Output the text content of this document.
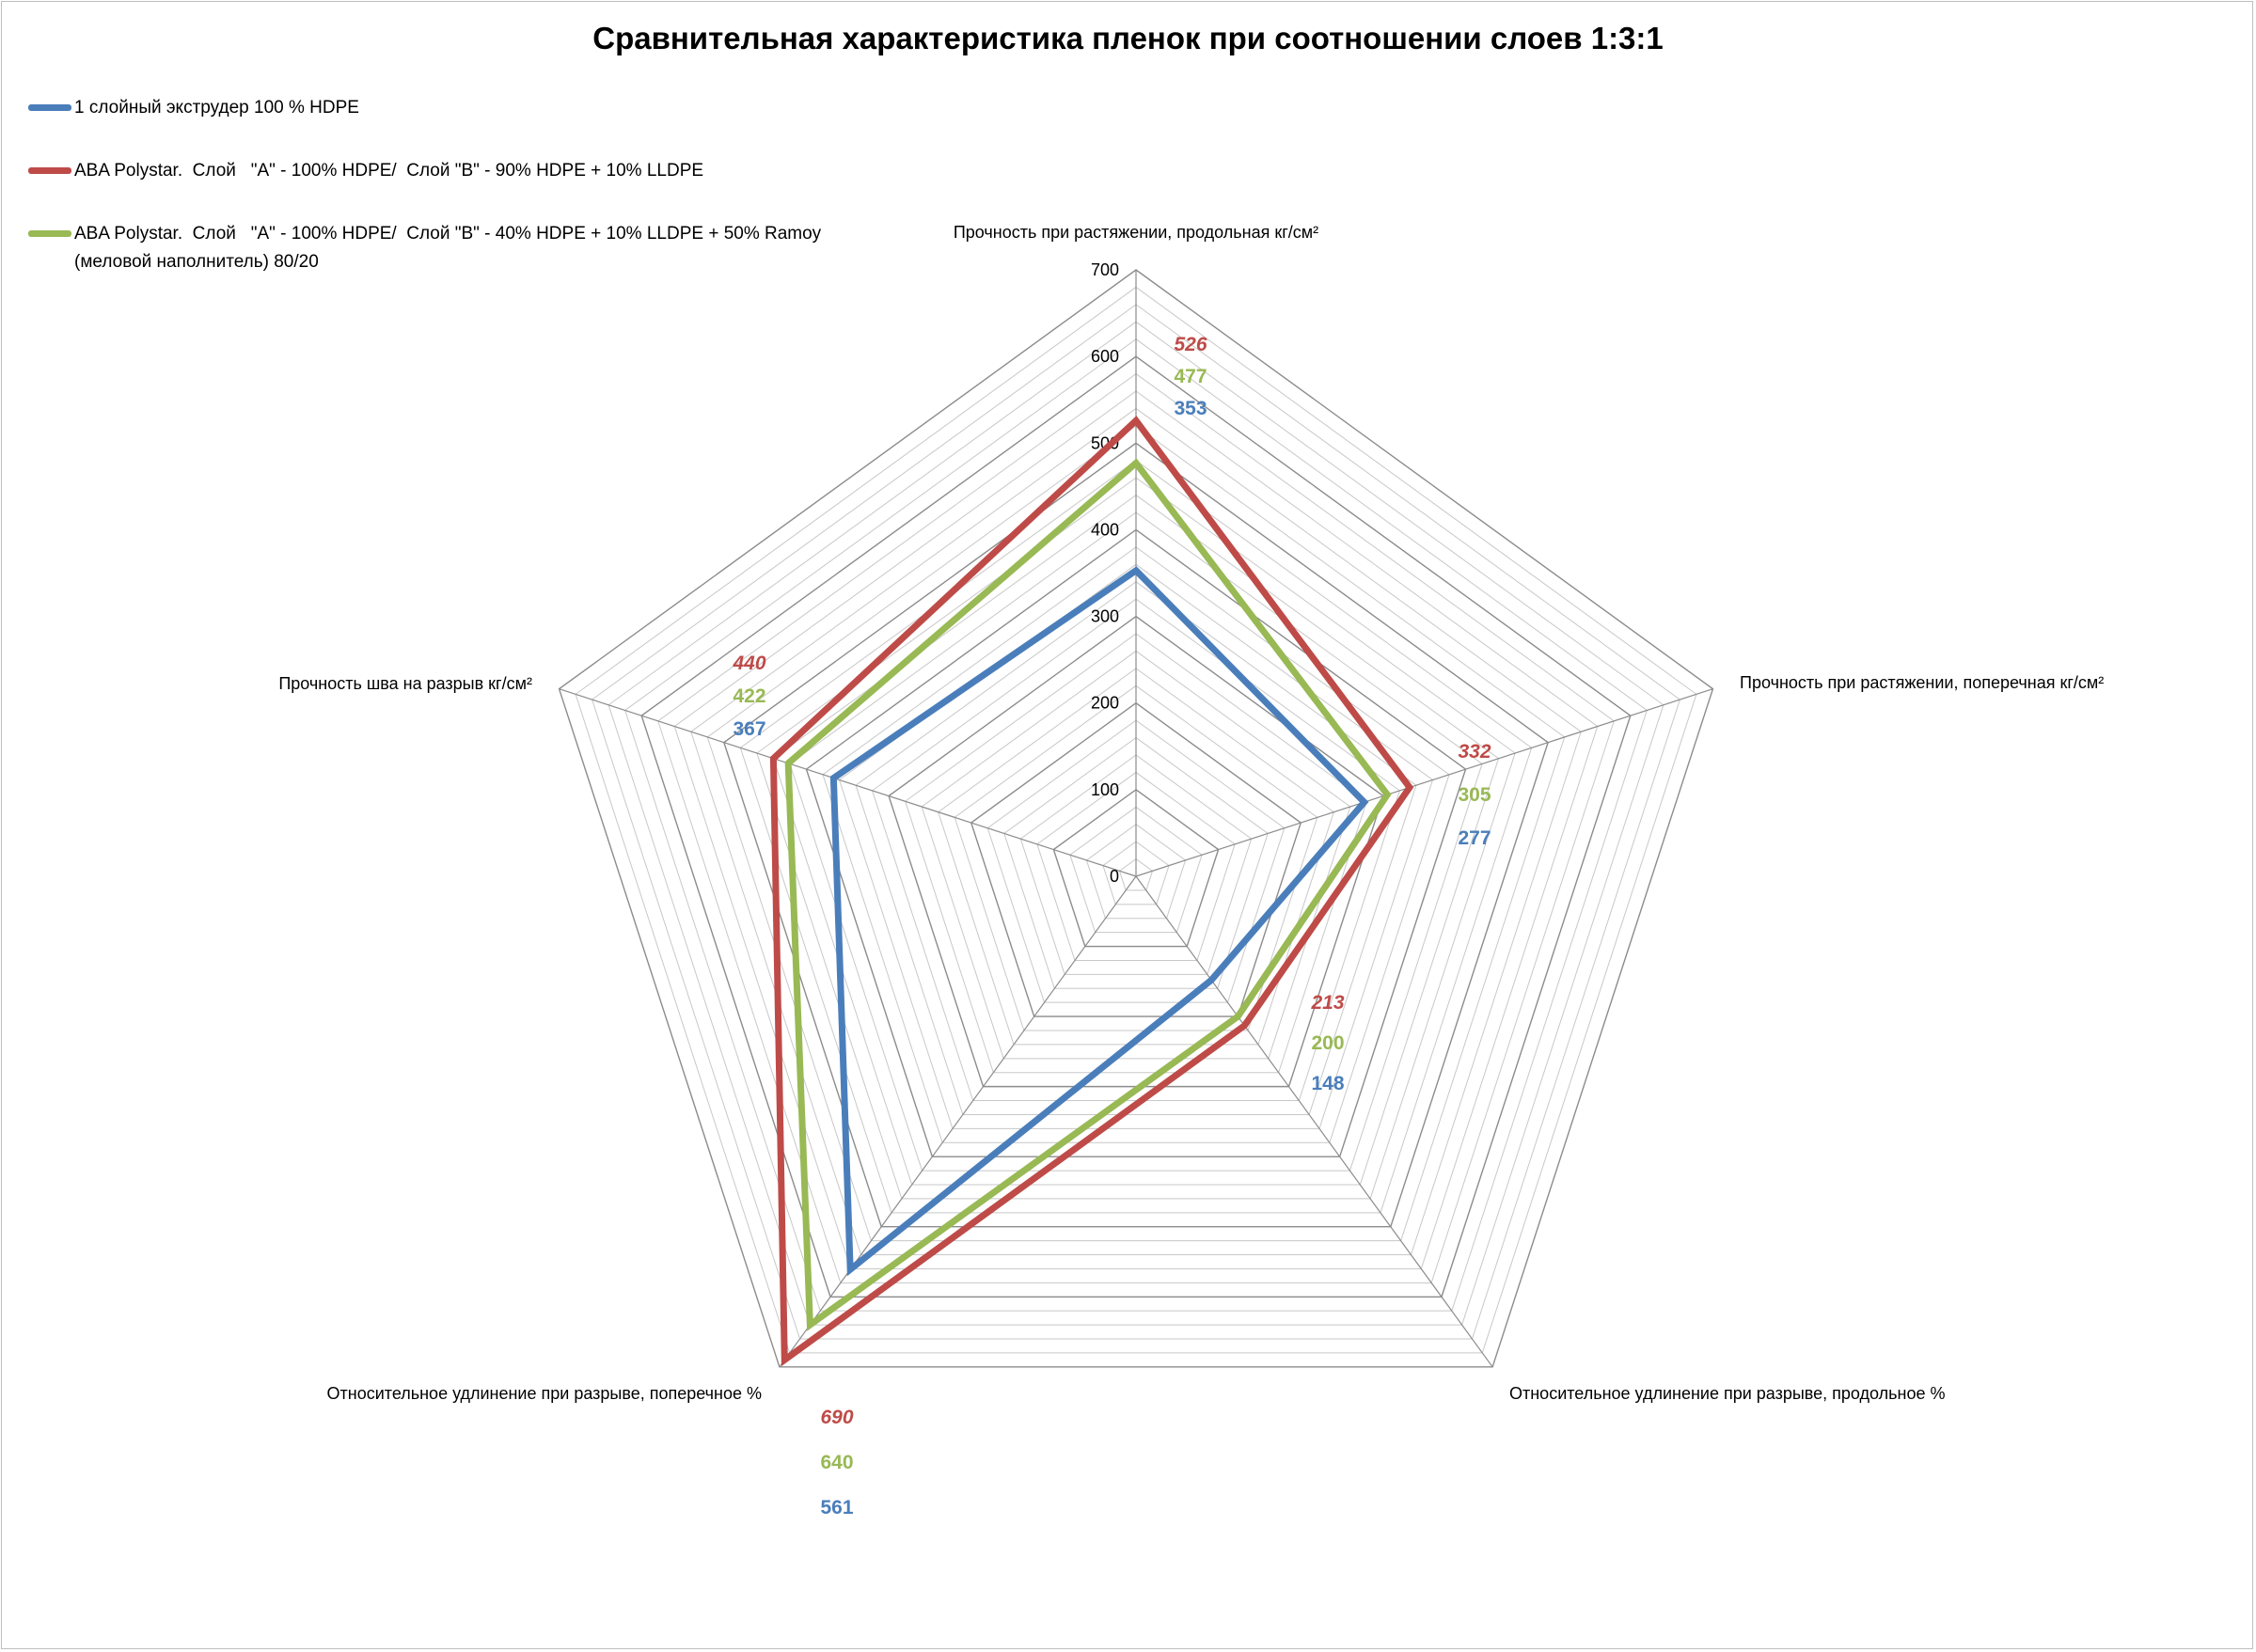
Сравнительная характеристика пленок при соотношении слоев 1:3:1
1 слойный экструдер 100 % HDPE
ABA Polystar.  Слой   "A" - 100% HDPE/  Слой "B" - 90% HDPE + 10% LLDPE
ABA Polystar.  Слой   "A" - 100% HDPE/  Слой "B" - 40% HDPE + 10% LLDPE + 50% Ramoy
(меловой наполнитель) 80/20
0
100
200
300
400
500
600
700
Прочность при растяжении, продольная кг/см²
Прочность при растяжении, поперечная кг/см²
Относительное удлинение при разрыве, продольное %
Относительное удлинение при разрыве, поперечное %
Прочность шва на разрыв кг/см²
526
477
353
332
305
277
213
200
148
690
640
561
440
422
367
